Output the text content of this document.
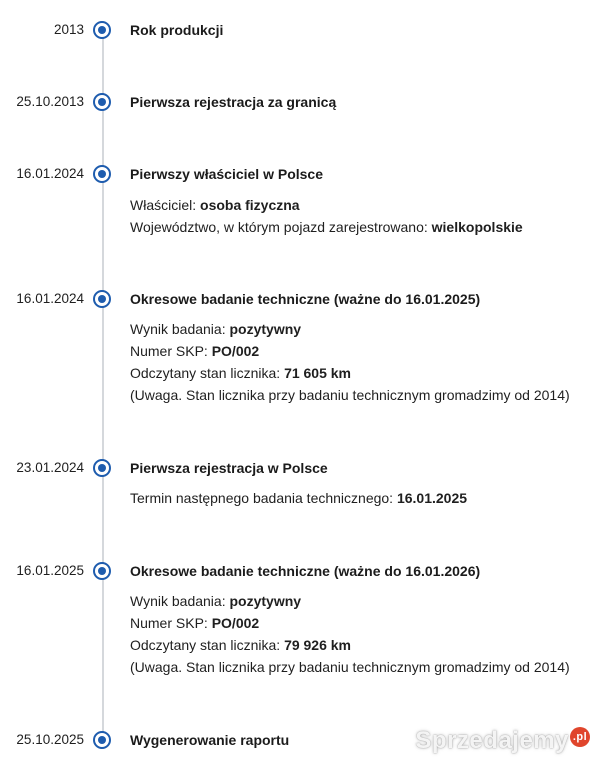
2013	Rok produkcji
25.10.2013	Pierwsza rejestracja za granicą
16.01.2024	Pierwszy właściciel w Polsce
Właściciel: osoba fizyczna
Województwo, w którym pojazd zarejestrowano: wielkopolskie
16.01.2024	Okresowe badanie techniczne (ważne do 16.01.2025)
Wynik badania: pozytywny
Numer SKP: PO/002
Odczytany stan licznika: 71 605 km
(Uwaga. Stan licznika przy badaniu technicznym gromadzimy od 2014)
23.01.2024	Pierwsza rejestracja w Polsce
Termin następnego badania technicznego: 16.01.2025
16.01.2025	Okresowe badanie techniczne (ważne do 16.01.2026)
Wynik badania: pozytywny
Numer SKP: PO/002
Odczytany stan licznika: 79 926 km
(Uwaga. Stan licznika przy badaniu technicznym gromadzimy od 2014)
25.10.2025	Wygenerowanie raportu	Sprzedajemy .pl
